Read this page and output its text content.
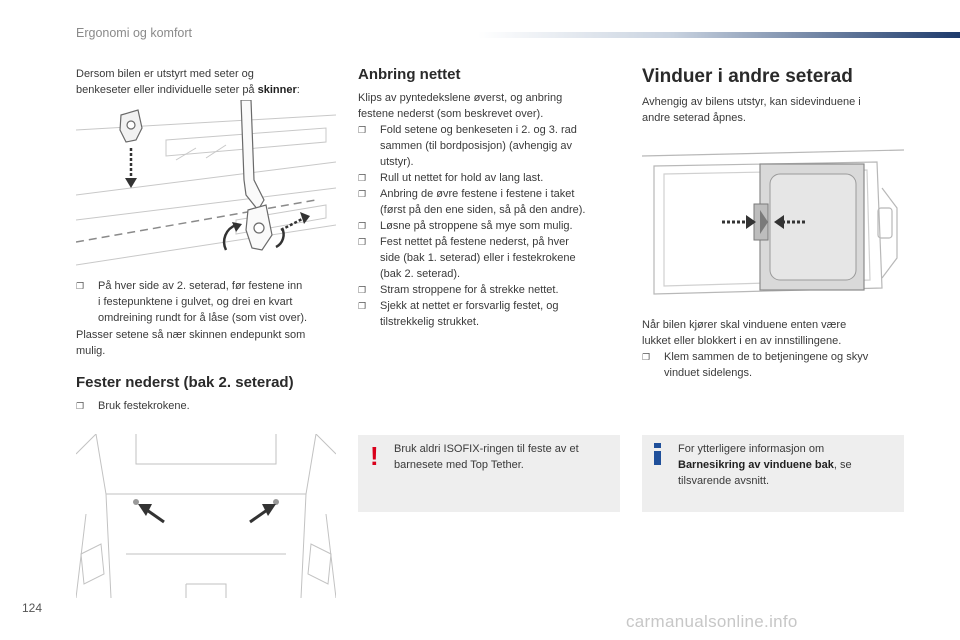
Ergonomi og komfort
Dersom bilen er utstyrt med seter og
benkeseter eller individuelle seter på skinner:
❐ På hver side av 2. seterad, før festene inn
i festepunktene i gulvet, og drei en kvart
omdreining rundt for å låse (som vist over).
Plasser setene så nær skinnen endepunkt som
mulig.
Fester nederst (bak 2. seterad)
❐ Bruk festekrokene.
Anbring nettet
Klips av pyntedekslene øverst, og anbring
festene nederst (som beskrevet over).
❐ Fold setene og benkeseten i 2. og 3. rad
sammen (til bordposisjon) (avhengig av
utstyr).
❐ Rull ut nettet for hold av lang last.
❐ Anbring de øvre festene i festene i taket
(først på den ene siden, så på den andre).
❐ Løsne på stroppene så mye som mulig.
❐ Fest nettet på festene nederst, på hver
side (bak 1. seterad) eller i festekrokene
(bak 2. seterad).
❐ Stram stroppene for å strekke nettet.
❐ Sjekk at nettet er forsvarlig festet, og
tilstrekkelig strukket.
! Bruk aldri ISOFIX-ringen til feste av et
barnesete med Top Tether.
Vinduer i andre seterad
Avhengig av bilens utstyr, kan sidevinduene i
andre seterad åpnes.
Når bilen kjører skal vinduene enten være
lukket eller blokkert i en av innstillingene.
❐ Klem sammen de to betjeningene og skyv
vinduet sidelengs.
For ytterligere informasjon om
Barnesikring av vinduene bak, se
tilsvarende avsnitt.
124
carmanualsonline.info
